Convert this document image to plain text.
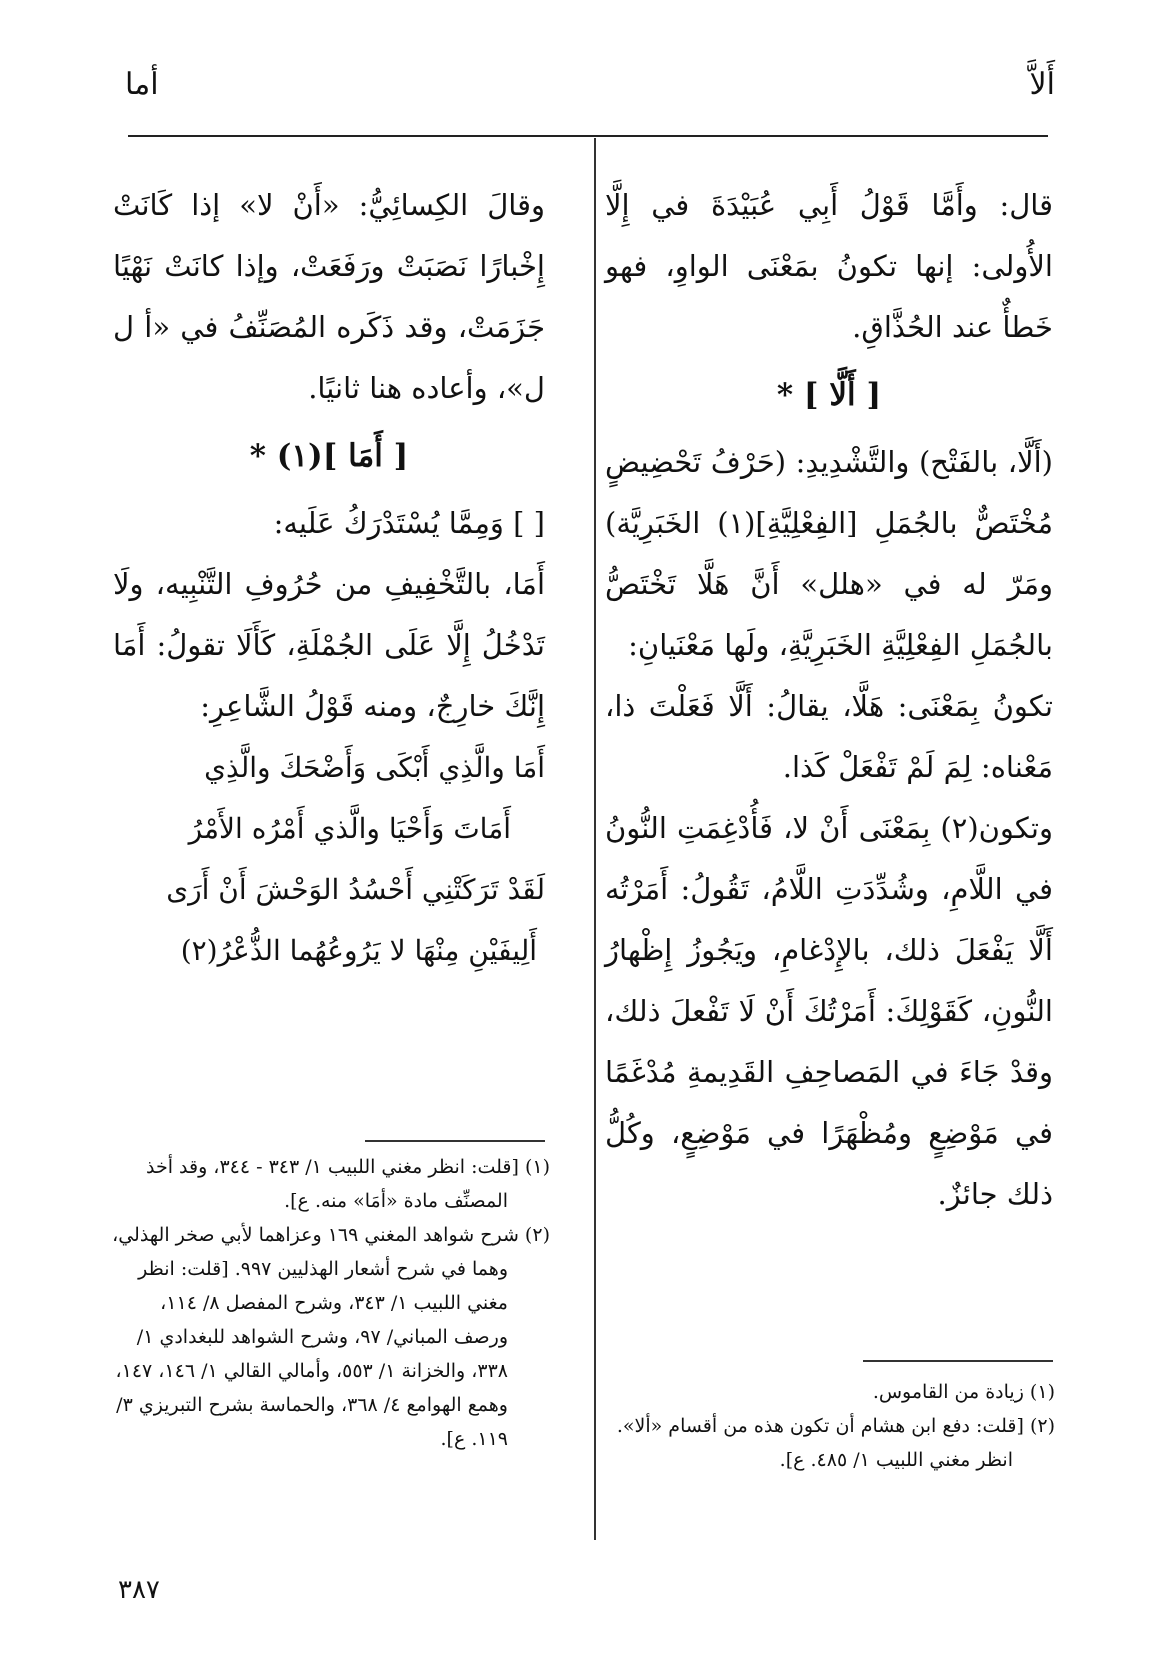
أَلاَّ
أما

قال: وأَمَّا قَوْلُ أَبِي عُبَيْدَةَ في إِلَّا الأُولى: إنها تكونُ بمَعْنَى الواوِ، فهو خَطأٌ عند الحُذَّاقِ.

[ أَلَّا ] *

(أَلَّا، بالفَتْح) والتَّشْدِيدِ: (حَرْفُ تَحْضِيضٍ مُخْتَصٌّ بالجُمَلِ [الفِعْلِيَّةِ](١) الخَبَرِيَّة) ومَرّ له في «هلل» أَنَّ هَلَّا تَخْتَصُّ بالجُمَلِ الفِعْلِيَّةِ الخَبَرِيَّةِ، ولَها مَعْنَيانِ:

تكونُ بِمَعْنَى: هَلَّا، يقالُ: أَلَّا فَعَلْتَ ذا، مَعْناه: لِمَ لَمْ تَفْعَلْ كَذا.

وتكون(٢) بِمَعْنَى أَنْ لا، فَأُدْغِمَتِ النُّونُ في اللَّامِ، وشُدِّدَتِ اللَّامُ، تَقُولُ: أَمَرْتُه أَلَّا يَفْعَلَ ذلك، بالإِدْغامِ، ويَجُوزُ إِظْهارُ النُّونِ، كَقَوْلِكَ: أَمَرْتُكَ أَنْ لَا تَفْعلَ ذلك، وقدْ جَاءَ في المَصاحِفِ القَدِيمةِ مُدْغَمًا في مَوْضِعٍ ومُظْهَرًا في مَوْضِعٍ، وكُلُّ ذلك جائزٌ.

وقالَ الكِسائِيُّ: «أَنْ لا» إذا كَانَتْ إِخْبارًا نَصَبَتْ ورَفَعَتْ، وإذا كانَتْ نَهْيًا جَزَمَتْ، وقد ذَكَره المُصَنِّفُ في «أ ل ل»، وأعاده هنا ثانيًا.

[ أَمَا ](١) *

[ ] وَمِمَّا يُسْتَدْرَكُ عَلَيه:

أَمَا، بالتَّخْفِيفِ من حُرُوفِ التَّنْبِيه، ولَا تَدْخُلُ إِلَّا عَلَى الجُمْلَةِ، كَأَلَا تقولُ: أَمَا إِنَّكَ خارِجٌ، ومنه قَوْلُ الشَّاعِرِ:

أَمَا والَّذِي أَبْكَى وَأَضْحَكَ والَّذِي

أَمَاتَ وَأَحْيَا والَّذي أَمْرُه الأَمْرُ

لَقَدْ تَرَكَتْنِي أَحْسُدُ الوَحْشَ أَنْ أَرَى

أَلِيفَيْنِ مِنْهَا لا يَرُوعُهُما الذُّعْرُ(٢)

(١) زيادة من القاموس.

(٢) [قلت: دفع ابن هشام أن تكون هذه من أقسام «ألا». انظر مغني اللبيب ١/ ٤٨٥. ع].

(١) [قلت: انظر مغني اللبيب ١/ ٣٤٣ - ٣٤٤، وقد أخذ المصنِّف مادة «أمَا» منه. ع].

(٢) شرح شواهد المغني ١٦٩ وعزاهما لأبي صخر الهذلي، وهما في شرح أشعار الهذليين ٩٩٧. [قلت: انظر مغني اللبيب ١/ ٣٤٣، وشرح المفصل ٨/ ١١٤، ورصف المباني/ ٩٧، وشرح الشواهد للبغدادي ١/ ٣٣٨، والخزانة ١/ ٥٥٣، وأمالي القالي ١/ ١٤٦، ١٤٧، وهمع الهوامع ٤/ ٣٦٨، والحماسة بشرح التبريزي ٣/ ١١٩. ع].

٣٨٧
